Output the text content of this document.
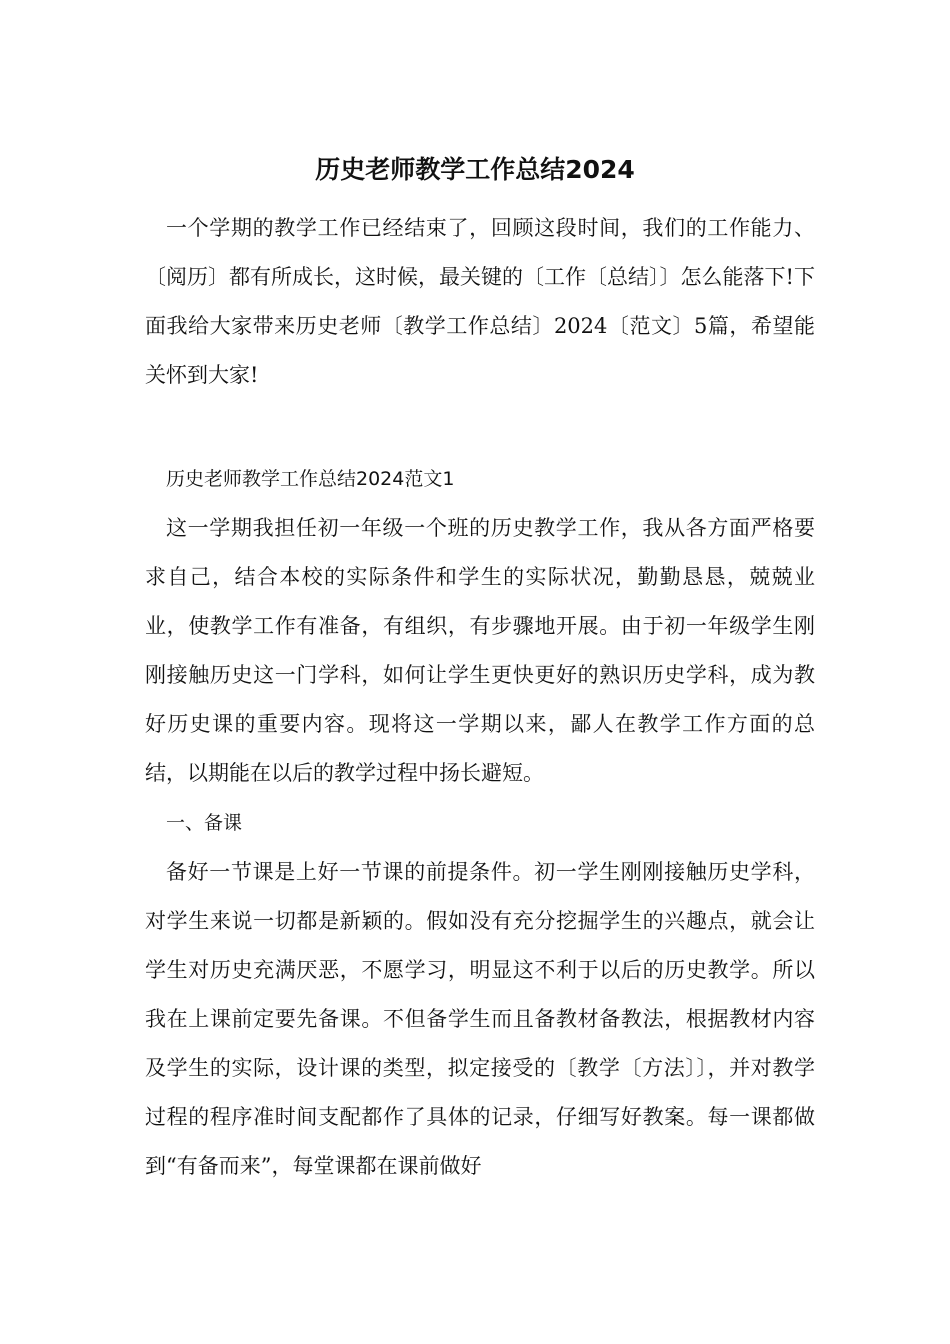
历史老师教学工作总结2024

一个学期的教学工作已经结束了，回顾这段时间，我们的工作能力、〔阅历〕都有所成长，这时候，最关键的〔工作〔总结〕〕怎么能落下!下面我给大家带来历史老师〔教学工作总结〕2024〔范文〕5篇，希望能关怀到大家!

历史老师教学工作总结2024范文1

这一学期我担任初一年级一个班的历史教学工作，我从各方面严格要求自己，结合本校的实际条件和学生的实际状况，勤勤恳恳，兢兢业业，使教学工作有准备，有组织，有步骤地开展。由于初一年级学生刚刚接触历史这一门学科，如何让学生更快更好的熟识历史学科，成为教好历史课的重要内容。现将这一学期以来，鄙人在教学工作方面的总结，以期能在以后的教学过程中扬长避短。

一、备课

备好一节课是上好一节课的前提条件。初一学生刚刚接触历史学科，对学生来说一切都是新颖的。假如没有充分挖掘学生的兴趣点，就会让学生对历史充满厌恶，不愿学习，明显这不利于以后的历史教学。所以我在上课前定要先备课。不但备学生而且备教材备教法，根据教材内容及学生的实际，设计课的类型，拟定接受的〔教学〔方法〕〕，并对教学过程的程序准时间支配都作了具体的记录，仔细写好教案。每一课都做到“有备而来”，每堂课都在课前做好
